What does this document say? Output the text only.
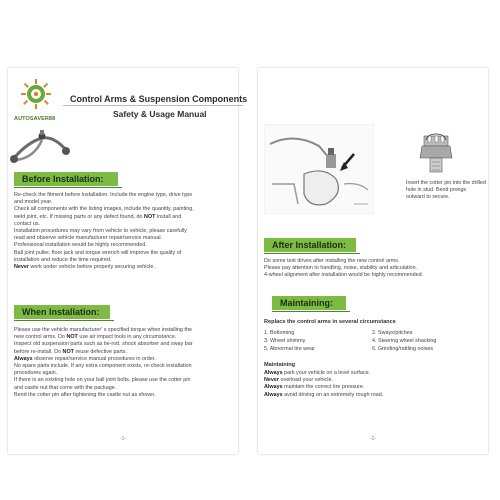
AUTOSAVER88
Control Arms & Suspension Components
Safety & Usage Manual
Before Installation:

Re-check the fitment before installation. Include the engine type, drive type

and model year.

Check all components with the listing images, include the quantity, painting,

weld joint, etc. If missing parts or any defect found, do NOT install and

contact us.

Installation procedures may vary from vehicle to vehicle, please carefully

read and observe vehicle manufacturer repair/service manual.

Professional installation would be highly recommended.

Ball joint puller, floor jack and torque wrench will improve the quality of

installation and reduce the time required.

Never work under vehicle before properly securing vehicle.

When Installation:

Please use the vehicle manufacturer' s specified torque when installing the

new control arms. Do NOT use air impact tools in any circumstance.

Inspect old suspension parts such as tie-rod, shock absorber and sway bar

before re-install. Do NOT reuse defective parts.

Always observe repair/service manual procedures in order.

No spare parts include. If any extra component exists, re-check installation

procedures again.

If there is an existing hole on your ball joint bolts, please use the cotter pin

and castle nut that come with the package.

Bend the cotter pin after tightening the castle nut as shown.

-1-
Insert the cotter pin into the drilled hole in stud. Bend prongs outward to secure.
After Installation:

Do some test drives after installing the new control arms.

Please pay attention to handling, noise, stability and articulation.

4-wheel alignment after installation would be highly recommended.

Maintaining:
Replace the control arms in several circumstance
1. Bottoming	2. Sways/pitches
3. Wheel shimmy	4. Steering wheel shacking
5. Abnormal tire wear	6. Grinding/rattling noises
Maintaining

Always park your vehicle on a level surface.

Never overload your vehicle.

Always maintain the correct tire pressure.

Always avoid driving on an extremely rough road.

-2-
